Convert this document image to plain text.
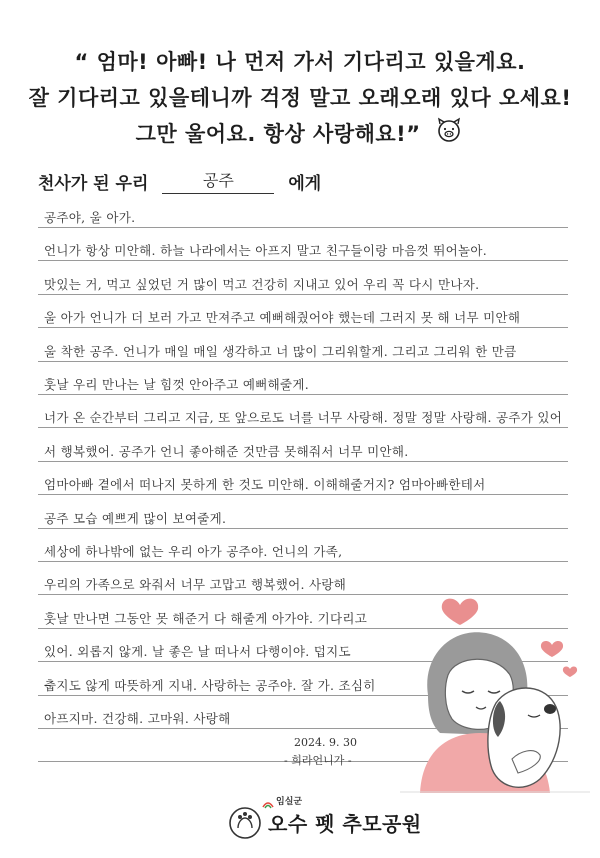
“ 엄마! 아빠! 나 먼저 가서 기다리고 있을게요.
잘 기다리고 있을테니까 걱정 말고 오래오래 있다 오세요!
그만 울어요. 항상 사랑해요!”
천사가 된 우리	공주	에게
공주야, 울 아가.
언니가 항상 미안해. 하늘 나라에서는 아프지 말고 친구들이랑 마음껏 뛰어놀아.
맛있는 거, 먹고 싶었던 거 많이 먹고 건강히 지내고 있어 우리 꼭 다시 만나자.
울 아가 언니가 더 보러 가고 만져주고 예뻐해줬어야 했는데 그러지 못 해 너무 미안해
울 착한 공주. 언니가 매일 매일 생각하고 너 많이 그리워할게. 그리고 그리워 한 만큼
훗날 우리 만나는 날 힘껏 안아주고 예뻐해줄게.
너가 온 순간부터 그리고 지금, 또 앞으로도 너를 너무 사랑해. 정말 정말 사랑해. 공주가 있어
서 행복했어. 공주가 언니 좋아해준 것만큼 못해줘서 너무 미안해.
엄마아빠 곁에서 떠나지 못하게 한 것도 미안해. 이해해줄거지? 엄마아빠한테서
공주 모습 예쁘게 많이 보여줄게.
세상에 하나밖에 없는 우리 아가 공주야. 언니의 가족,
우리의 가족으로 와줘서 너무 고맙고 행복했어. 사랑해
훗날 만나면 그동안 못 해준거 다 해줄게 아가야. 기다리고
있어. 외롭지 않게. 날 좋은 날 떠나서 다행이야. 덥지도
춥지도 않게 따뜻하게 지내. 사랑하는 공주야. 잘 가. 조심히
아프지마. 건강해. 고마워. 사랑해
2024. 9. 30
- 희라언니가 -
임실군
오수 펫 추모공원
